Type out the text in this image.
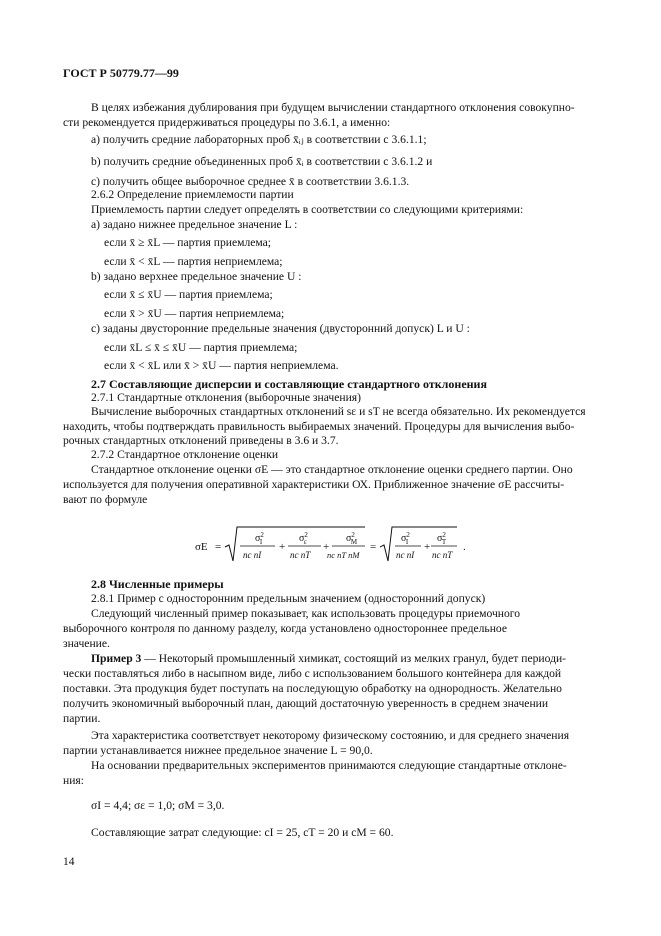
ГОСТ Р 50779.77—99
В целях избежания дублирования при будущем вычислении стандартного отклонения совокупно-
сти рекомендуется придерживаться процедуры по 3.6.1, а именно:
а) получить средние лабораторных проб x̄ᵢⱼ в соответствии с 3.6.1.1;
b) получить средние объединенных проб x̄ᵢ в соответствии с 3.6.1.2 и
c) получить общее выборочное среднее x̄ в соответствии 3.6.1.3.
2.6.2 Определение приемлемости партии
Приемлемость партии следует определять в соответствии со следующими критериями:
а) задано нижнее предельное значение L :
если x̄ ≥ x̄L — партия приемлема;
если x̄ < x̄L — партия неприемлема;
b) задано верхнее предельное значение U :
если x̄ ≤ x̄U — партия приемлема;
если x̄ > x̄U — партия неприемлема;
c) заданы двусторонние предельные значения (двусторонний допуск) L и U :
если x̄L ≤ x̄ ≤ x̄U — партия приемлема;
если x̄ < x̄L или x̄ > x̄U — партия неприемлема.
2.7 Составляющие дисперсии и составляющие стандартного отклонения
2.7.1 Стандартные отклонения (выборочные значения)
Вычисление выборочных стандартных отклонений sε и sT не всегда обязательно. Их рекомендуется
находить, чтобы подтверждать правильность выбираемых значений. Процедуры для вычисления выбо-
рочных стандартных отклонений приведены в 3.6 и 3.7.
2.7.2 Стандартное отклонение оценки
Стандартное отклонение оценки σE — это стандартное отклонение оценки среднего партии. Оно
используется для получения оперативной характеристики ОХ. Приближенное значение σE рассчиты-
вают по формуле
σE =
$\sigma^2$ I
nc nI
+
$\sigma^2$ ε
nc nT
+
$\sigma^2$ M
nc nT nM
=
$\sigma^2$ I
nc nI
+
$\sigma^2$ T
nc nT
.
2.8 Численные примеры
2.8.1 Пример с односторонним предельным значением (односторонний допуск)
Следующий численный пример показывает, как использовать процедуры приемочного
выборочного контроля по данному разделу, когда установлено одностороннее предельное
значение.
Пример 3 — Некоторый промышленный химикат, состоящий из мелких гранул, будет периоди-
чески поставляться либо в насыпном виде, либо с использованием большого контейнера для каждой
поставки. Эта продукция будет поступать на последующую обработку на однородность. Желательно
получить экономичный выборочный план, дающий достаточную уверенность в среднем значении
партии.
Эта характеристика соответствует некоторому физическому состоянию, и для среднего значения
партии устанавливается нижнее предельное значение L = 90,0.
На основании предварительных экспериментов принимаются следующие стандартные отклоне-
ния:
σI = 4,4; σε = 1,0; σM = 3,0.
Составляющие затрат следующие: cI = 25, cT = 20 и cM = 60.
14
